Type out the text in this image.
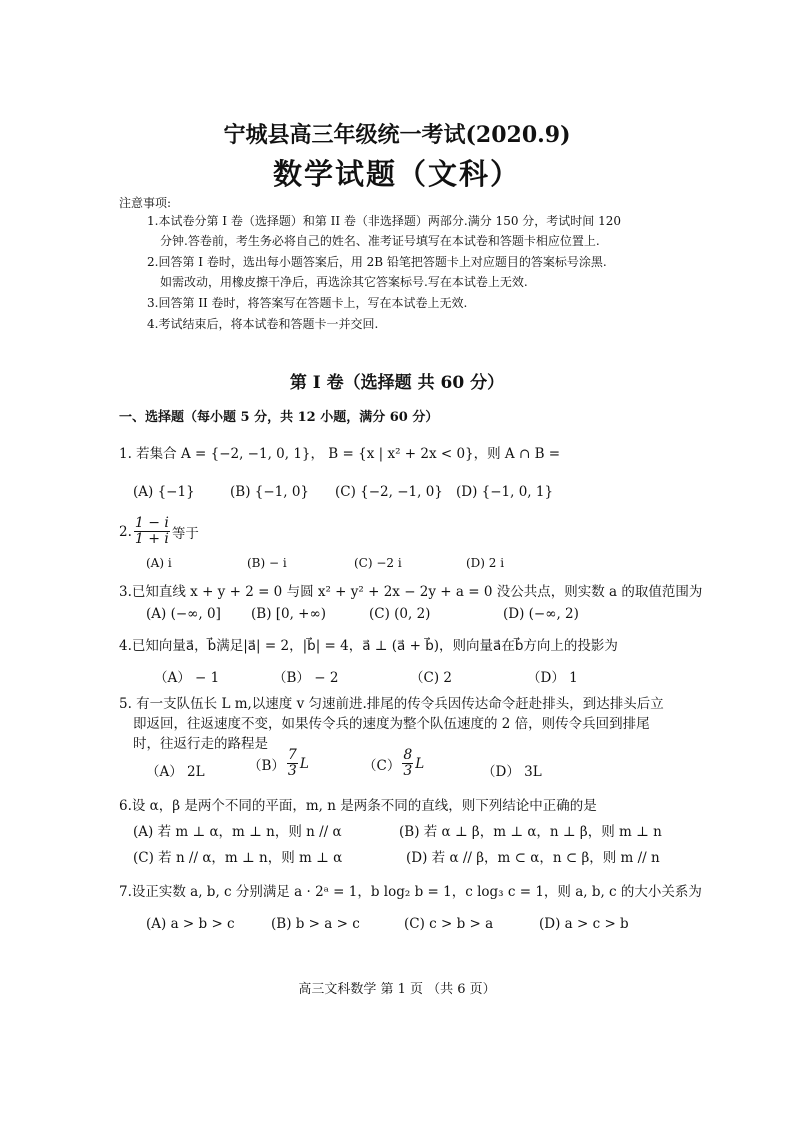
宁城县高三年级统一考试(2020.9)
数学试题（文科）
注意事项:
1.本试卷分第 I 卷（选择题）和第 II 卷（非选择题）两部分.满分 150 分，考试时间 120
分钟.答卷前，考生务必将自己的姓名、准考证号填写在本试卷和答题卡相应位置上.
2.回答第 I 卷时，选出每小题答案后，用 2B 铅笔把答题卡上对应题目的答案标号涂黑.
如需改动，用橡皮擦干净后，再选涂其它答案标号.写在本试卷上无效.
3.回答第 II 卷时，将答案写在答题卡上，写在本试卷上无效.
4.考试结束后，将本试卷和答题卡一并交回.
第 I 卷（选择题 共 60 分）
一、选择题（每小题 5 分，共 12 小题，满分 60 分）
1. 若集合 A = {−2, −1, 0, 1}， B = {x | x² + 2x < 0}，则 A ∩ B =
(A) {−1}	(B) {−1, 0} (C) {−2, −1, 0} (D) {−1, 0, 1}
2. $\frac{1 - i}{1 + i}$ 等于
(A) i	(B) − i	(C) −2 i	(D) 2 i
3.已知直线 x + y + 2 = 0 与圆 x² + y² + 2x − 2y + a = 0 没公共点，则实数 a 的取值范围为
(A) (−∞, 0] (B) [0, +∞)	(C) (0, 2)	(D) (−∞, 2)
4.已知向量a⃗，b⃗满足|a⃗| = 2，|b⃗| = 4，a⃗ ⊥ (a⃗ + b⃗)，则向量a⃗在b⃗方向上的投影为
（A） − 1	（B） − 2	（C) 2	（D） 1
5. 有一支队伍长 L m,以速度 v 匀速前进.排尾的传令兵因传达命令赶赴排头，到达排头后立
即返回，往返速度不变，如果传令兵的速度为整个队伍速度的 2 倍，则传令兵回到排尾
时，往返行走的路程是
（A） 2L	$(B) \frac{7}{3}$ L	$(C) \frac{8}{3}$ L
（D） 3L
6.设 α，β 是两个不同的平面，m, n 是两条不同的直线，则下列结论中正确的是
(A) 若 m ⊥ α，m ⊥ n，则 n // α	(B) 若 α ⊥ β，m ⊥ α，n ⊥ β，则 m ⊥ n
(C) 若 n // α，m ⊥ n，则 m ⊥ α	(D) 若 α // β，m ⊂ α，n ⊂ β，则 m // n
7.设正实数 a, b, c 分别满足 a · 2ᵃ = 1，b log₂ b = 1，c log₃ c = 1，则 a, b, c 的大小关系为
(A) a > b > c	(B) b > a > c	(C) c > b > a	(D) a > c > b
高三文科数学 第 1 页 （共 6 页）
